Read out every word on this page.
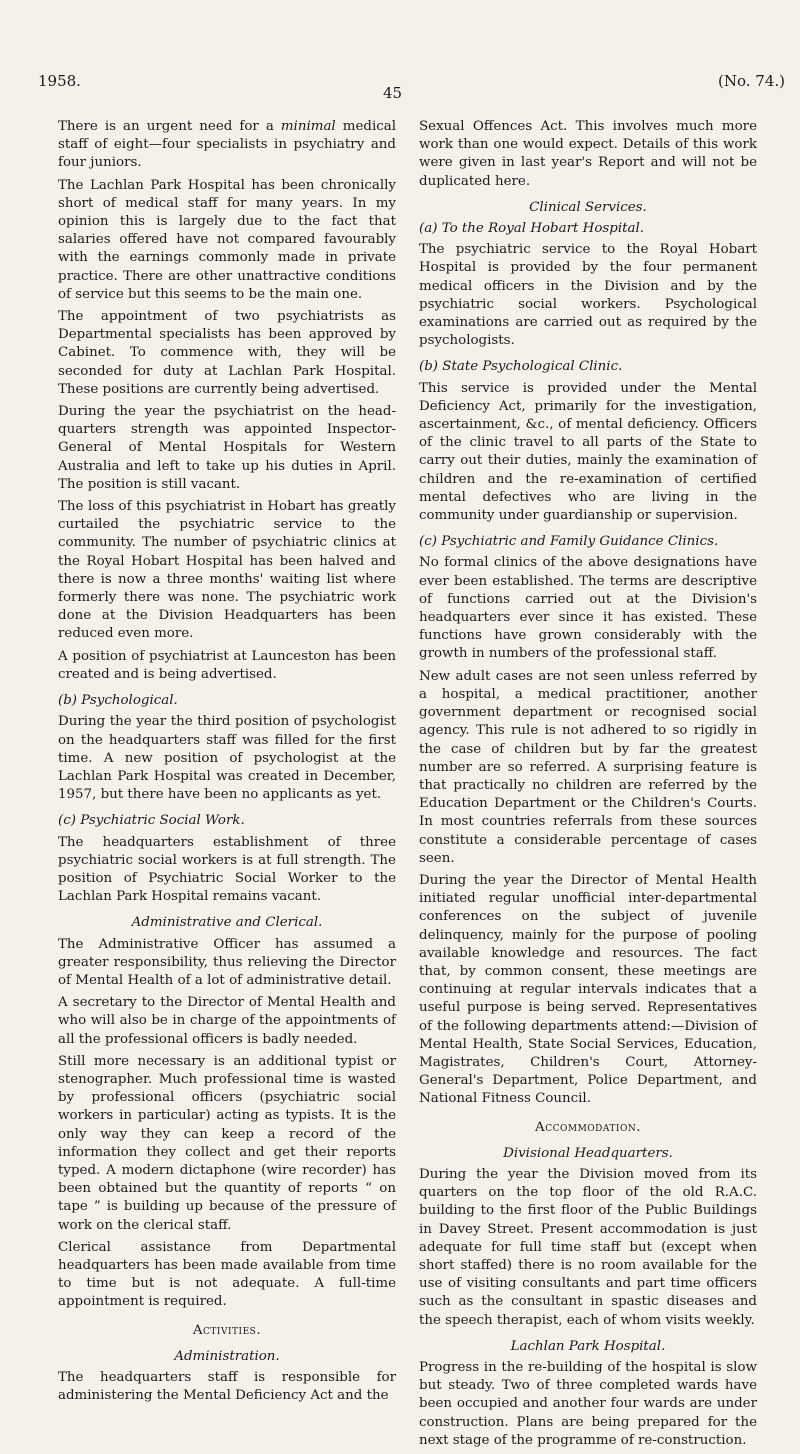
1958.
45
(No. 74.)

There is an urgent need for a minimal medical staff of eight—four specialists in psychiatry and four juniors.

The Lachlan Park Hospital has been chronically short of medical staff for many years. In my opinion this is largely due to the fact that salaries offered have not compared favourably with the earnings commonly made in private practice. There are other unattractive conditions of service but this seems to be the main one.

The appointment of two psychiatrists as Departmental specialists has been approved by Cabinet. To commence with, they will be seconded for duty at Lachlan Park Hospital. These positions are currently being advertised.

During the year the psychiatrist on the head-quarters strength was appointed Inspector-General of Mental Hospitals for Western Australia and left to take up his duties in April. The position is still vacant.

The loss of this psychiatrist in Hobart has greatly curtailed the psychiatric service to the community. The number of psychiatric clinics at the Royal Hobart Hospital has been halved and there is now a three months' waiting list where formerly there was none. The psychiatric work done at the Division Headquarters has been reduced even more.

A position of psychiatrist at Launceston has been created and is being advertised.

(b) Psychological.

During the year the third position of psychologist on the headquarters staff was filled for the first time. A new position of psychologist at the Lachlan Park Hospital was created in December, 1957, but there have been no applicants as yet.

(c) Psychiatric Social Work.

The headquarters establishment of three psychiatric social workers is at full strength. The position of Psychiatric Social Worker to the Lachlan Park Hospital remains vacant.

Administrative and Clerical.

The Administrative Officer has assumed a greater responsibility, thus relieving the Director of Mental Health of a lot of administrative detail.

A secretary to the Director of Mental Health and who will also be in charge of the appointments of all the professional officers is badly needed.

Still more necessary is an additional typist or stenographer. Much professional time is wasted by professional officers (psychiatric social workers in particular) acting as typists. It is the only way they can keep a record of the information they collect and get their reports typed. A modern dictaphone (wire recorder) has been obtained but the quantity of reports “ on tape ” is building up because of the pressure of work on the clerical staff.

Clerical assistance from Departmental headquarters has been made available from time to time but is not adequate. A full-time appointment is required.

Activities.
Administration.

The headquarters staff is responsible for administering the Mental Deficiency Act and the

Sexual Offences Act. This involves much more work than one would expect. Details of this work were given in last year's Report and will not be duplicated here.

Clinical Services.
(a) To the Royal Hobart Hospital.

The psychiatric service to the Royal Hobart Hospital is provided by the four permanent medical officers in the Division and by the psychiatric social workers. Psychological examinations are carried out as required by the psychologists.

(b) State Psychological Clinic.

This service is provided under the Mental Deficiency Act, primarily for the investigation, ascertainment, &c., of mental deficiency. Officers of the clinic travel to all parts of the State to carry out their duties, mainly the examination of children and the re-examination of certified mental defectives who are living in the community under guardianship or supervision.

(c) Psychiatric and Family Guidance Clinics.

No formal clinics of the above designations have ever been established. The terms are descriptive of functions carried out at the Division's headquarters ever since it has existed. These functions have grown considerably with the growth in numbers of the professional staff.

New adult cases are not seen unless referred by a hospital, a medical practitioner, another government department or recognised social agency. This rule is not adhered to so rigidly in the case of children but by far the greatest number are so referred. A surprising feature is that practically no children are referred by the Education Department or the Children's Courts. In most countries referrals from these sources constitute a considerable percentage of cases seen.

During the year the Director of Mental Health initiated regular unofficial inter-departmental conferences on the subject of juvenile delinquency, mainly for the purpose of pooling available knowledge and resources. The fact that, by common consent, these meetings are continuing at regular intervals indicates that a useful purpose is being served. Representatives of the following departments attend:—Division of Mental Health, State Social Services, Education, Magistrates, Children's Court, Attorney-General's Department, Police Department, and National Fitness Council.

Accommodation.
Divisional Headquarters.

During the year the Division moved from its quarters on the top floor of the old R.A.C. building to the first floor of the Public Buildings in Davey Street. Present accommodation is just adequate for full time staff but (except when short staffed) there is no room available for the use of visiting consultants and part time officers such as the consultant in spastic diseases and the speech therapist, each of whom visits weekly.

Lachlan Park Hospital.

Progress in the re-building of the hospital is slow but steady. Two of three completed wards have been occupied and another four wards are under construction. Plans are being prepared for the next stage of the programme of re-construction.
